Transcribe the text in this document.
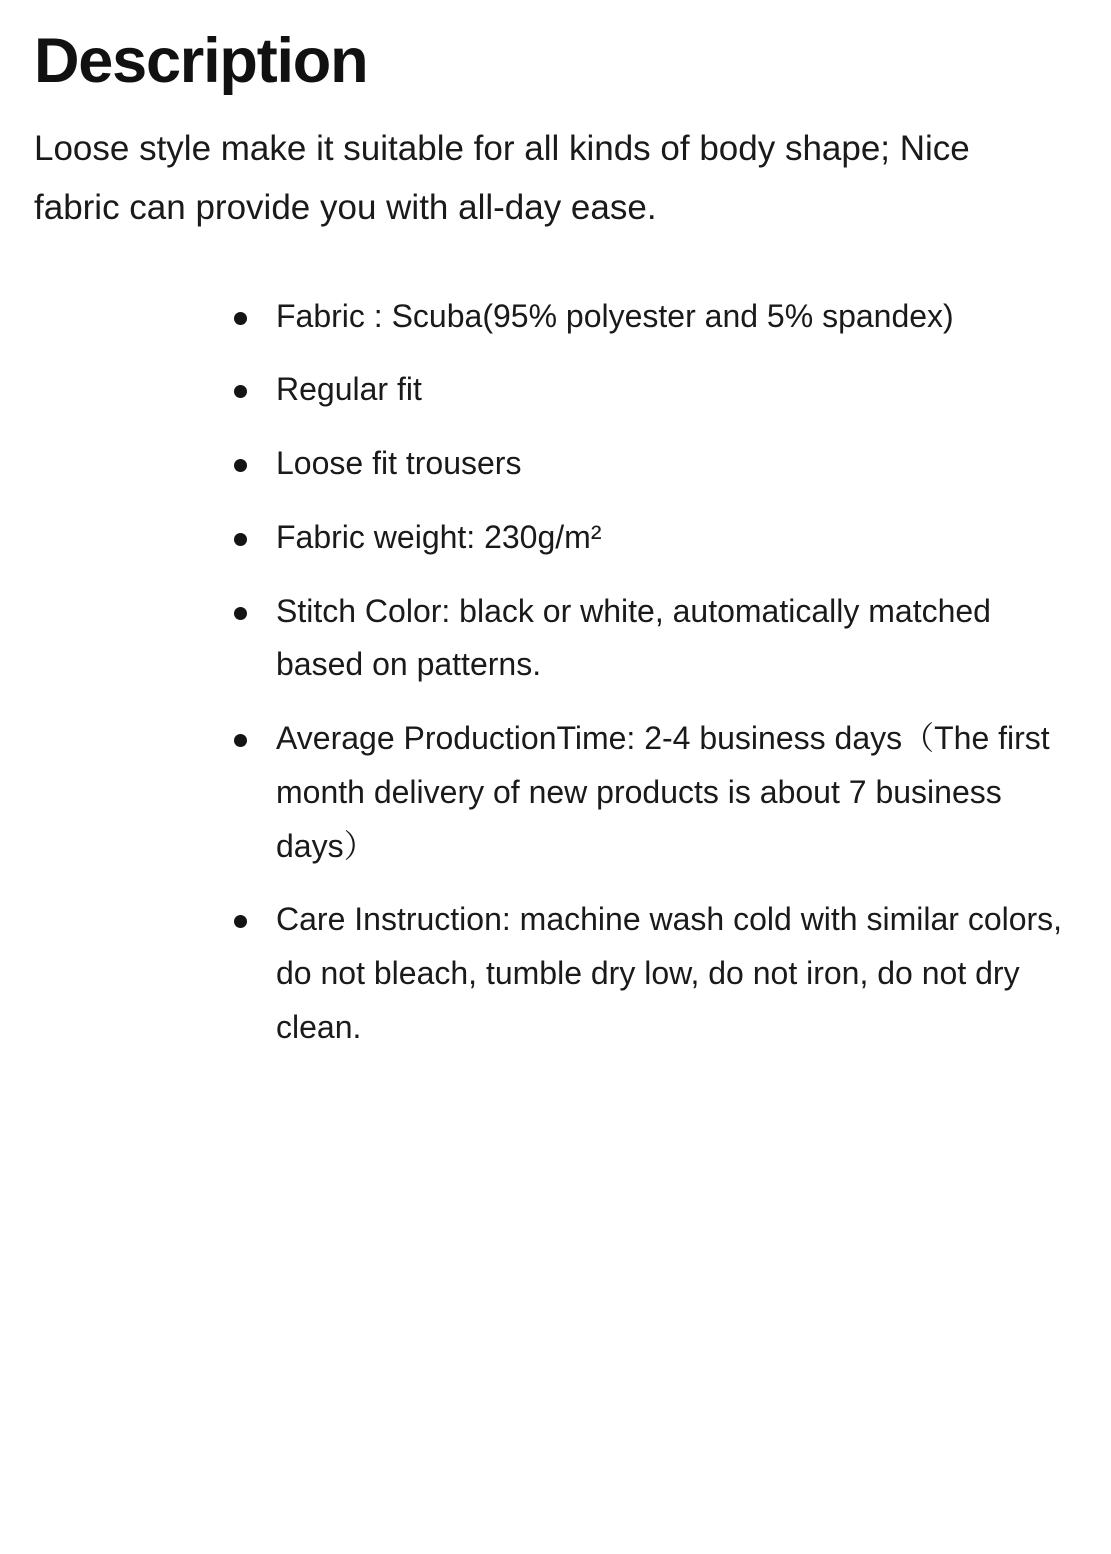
Description

Loose style make it suitable for all kinds of body shape; Nice fabric can provide you with all-day ease.

Fabric : Scuba(95% polyester and 5% spandex)
Regular fit
Loose fit trousers
Fabric weight: 230g/m²
Stitch Color: black or white, automatically matched based on patterns.
Average ProductionTime: 2-4 business days（The first month delivery of new products is about 7 business days）
Care Instruction: machine wash cold with similar colors, do not bleach, tumble dry low, do not iron, do not dry clean.
